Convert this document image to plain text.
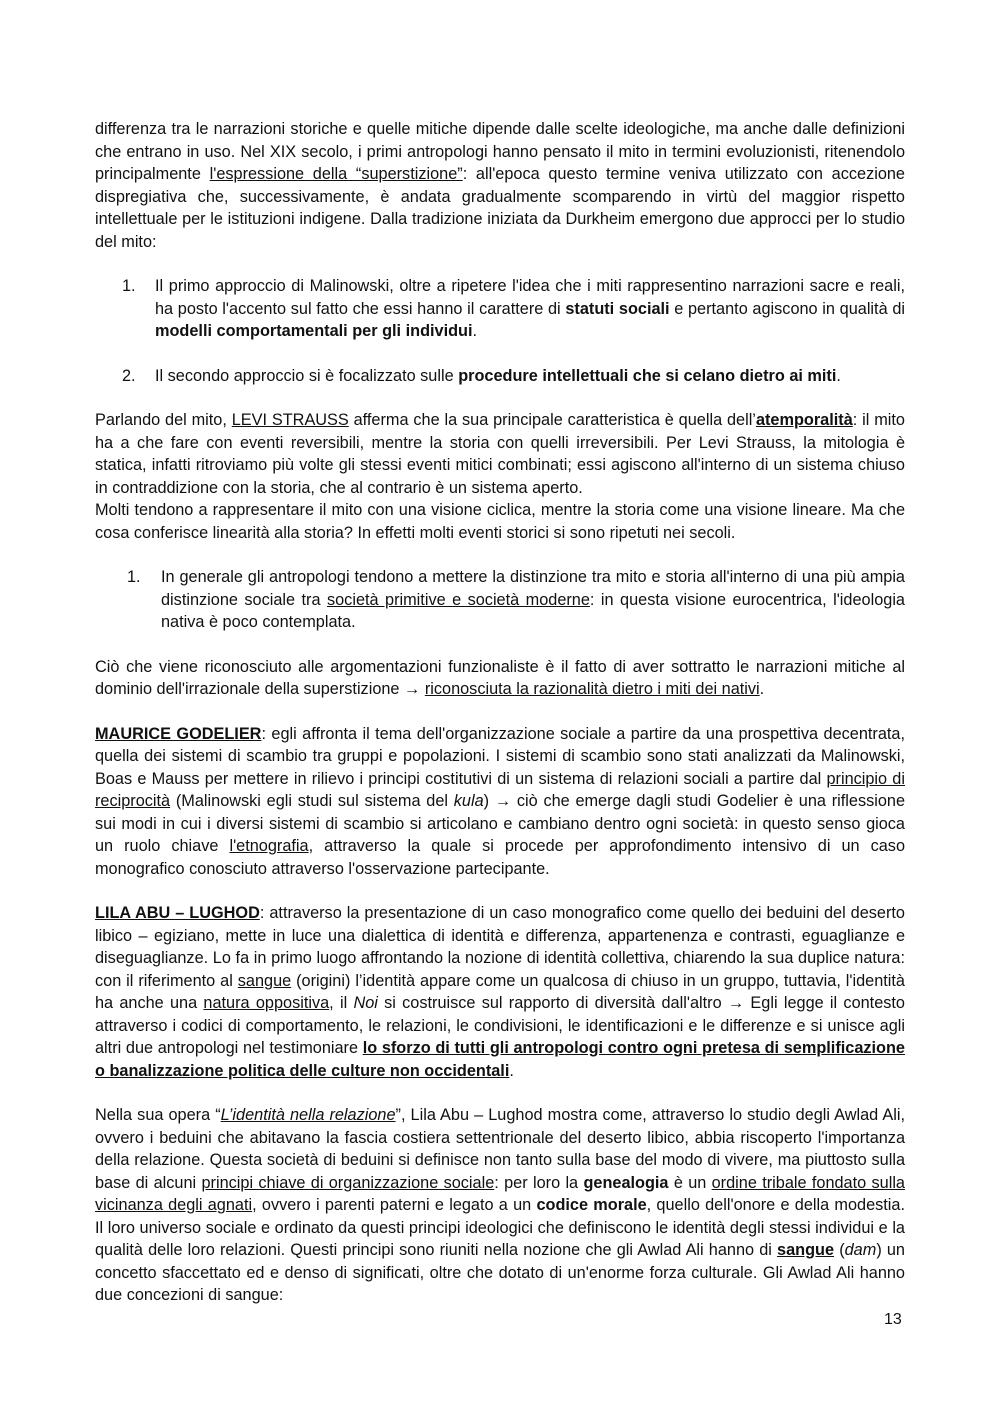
differenza tra le narrazioni storiche e quelle mitiche dipende dalle scelte ideologiche, ma anche dalle definizioni che entrano in uso. Nel XIX secolo, i primi antropologi hanno pensato il mito in termini evoluzionisti, ritenendolo principalmente l'espressione della “superstizione”: all'epoca questo termine veniva utilizzato con accezione dispregiativa che, successivamente, è andata gradualmente scomparendo in virtù del maggior rispetto intellettuale per le istituzioni indigene. Dalla tradizione iniziata da Durkheim emergono due approcci per lo studio del mito:

1.	Il primo approccio di Malinowski, oltre a ripetere l'idea che i miti rappresentino narrazioni sacre e reali, ha posto l'accento sul fatto che essi hanno il carattere di statuti sociali e pertanto agiscono in qualità di modelli comportamentali per gli individui.
2.	Il secondo approccio si è focalizzato sulle procedure intellettuali che si celano dietro ai miti.

Parlando del mito, LEVI STRAUSS afferma che la sua principale caratteristica è quella dell’atemporalità: il mito ha a che fare con eventi reversibili, mentre la storia con quelli irreversibili. Per Levi Strauss, la mitologia è statica, infatti ritroviamo più volte gli stessi eventi mitici combinati; essi agiscono all'interno di un sistema chiuso in contraddizione con la storia, che al contrario è un sistema aperto.

Molti tendono a rappresentare il mito con una visione ciclica, mentre la storia come una visione lineare. Ma che cosa conferisce linearità alla storia? In effetti molti eventi storici si sono ripetuti nei secoli.

1.	In generale gli antropologi tendono a mettere la distinzione tra mito e storia all'interno di una più ampia distinzione sociale tra società primitive e società moderne: in questa visione eurocentrica, l'ideologia nativa è poco contemplata.

Ciò che viene riconosciuto alle argomentazioni funzionaliste è il fatto di aver sottratto le narrazioni mitiche al dominio dell'irrazionale della superstizione → riconosciuta la razionalità dietro i miti dei nativi.

MAURICE GODELIER: egli affronta il tema dell'organizzazione sociale a partire da una prospettiva decentrata, quella dei sistemi di scambio tra gruppi e popolazioni. I sistemi di scambio sono stati analizzati da Malinowski, Boas e Mauss per mettere in rilievo i principi costitutivi di un sistema di relazioni sociali a partire dal principio di reciprocità (Malinowski egli studi sul sistema del kula) → ciò che emerge dagli studi Godelier è una riflessione sui modi in cui i diversi sistemi di scambio si articolano e cambiano dentro ogni società: in questo senso gioca un ruolo chiave l'etnografia, attraverso la quale si procede per approfondimento intensivo di un caso monografico conosciuto attraverso l'osservazione partecipante.

LILA ABU – LUGHOD: attraverso la presentazione di un caso monografico come quello dei beduini del deserto libico – egiziano, mette in luce una dialettica di identità e differenza, appartenenza e contrasti, eguaglianze e diseguaglianze. Lo fa in primo luogo affrontando la nozione di identità collettiva, chiarendo la sua duplice natura: con il riferimento al sangue (origini) l’identità appare come un qualcosa di chiuso in un gruppo, tuttavia, l'identità ha anche una natura oppositiva, il Noi si costruisce sul rapporto di diversità dall'altro → Egli legge il contesto attraverso i codici di comportamento, le relazioni, le condivisioni, le identificazioni e le differenze e si unisce agli altri due antropologi nel testimoniare lo sforzo di tutti gli antropologi contro ogni pretesa di semplificazione o banalizzazione politica delle culture non occidentali.

Nella sua opera “L’identità nella relazione”, Lila Abu – Lughod mostra come, attraverso lo studio degli Awlad Ali, ovvero i beduini che abitavano la fascia costiera settentrionale del deserto libico, abbia riscoperto l'importanza della relazione. Questa società di beduini si definisce non tanto sulla base del modo di vivere, ma piuttosto sulla base di alcuni principi chiave di organizzazione sociale: per loro la genealogia è un ordine tribale fondato sulla vicinanza degli agnati, ovvero i parenti paterni e legato a un codice morale, quello dell'onore e della modestia. Il loro universo sociale e ordinato da questi principi ideologici che definiscono le identità degli stessi individui e la qualità delle loro relazioni. Questi principi sono riuniti nella nozione che gli Awlad Ali hanno di sangue (dam) un concetto sfaccettato ed e denso di significati, oltre che dotato di un'enorme forza culturale. Gli Awlad Ali hanno due concezioni di sangue:

13
